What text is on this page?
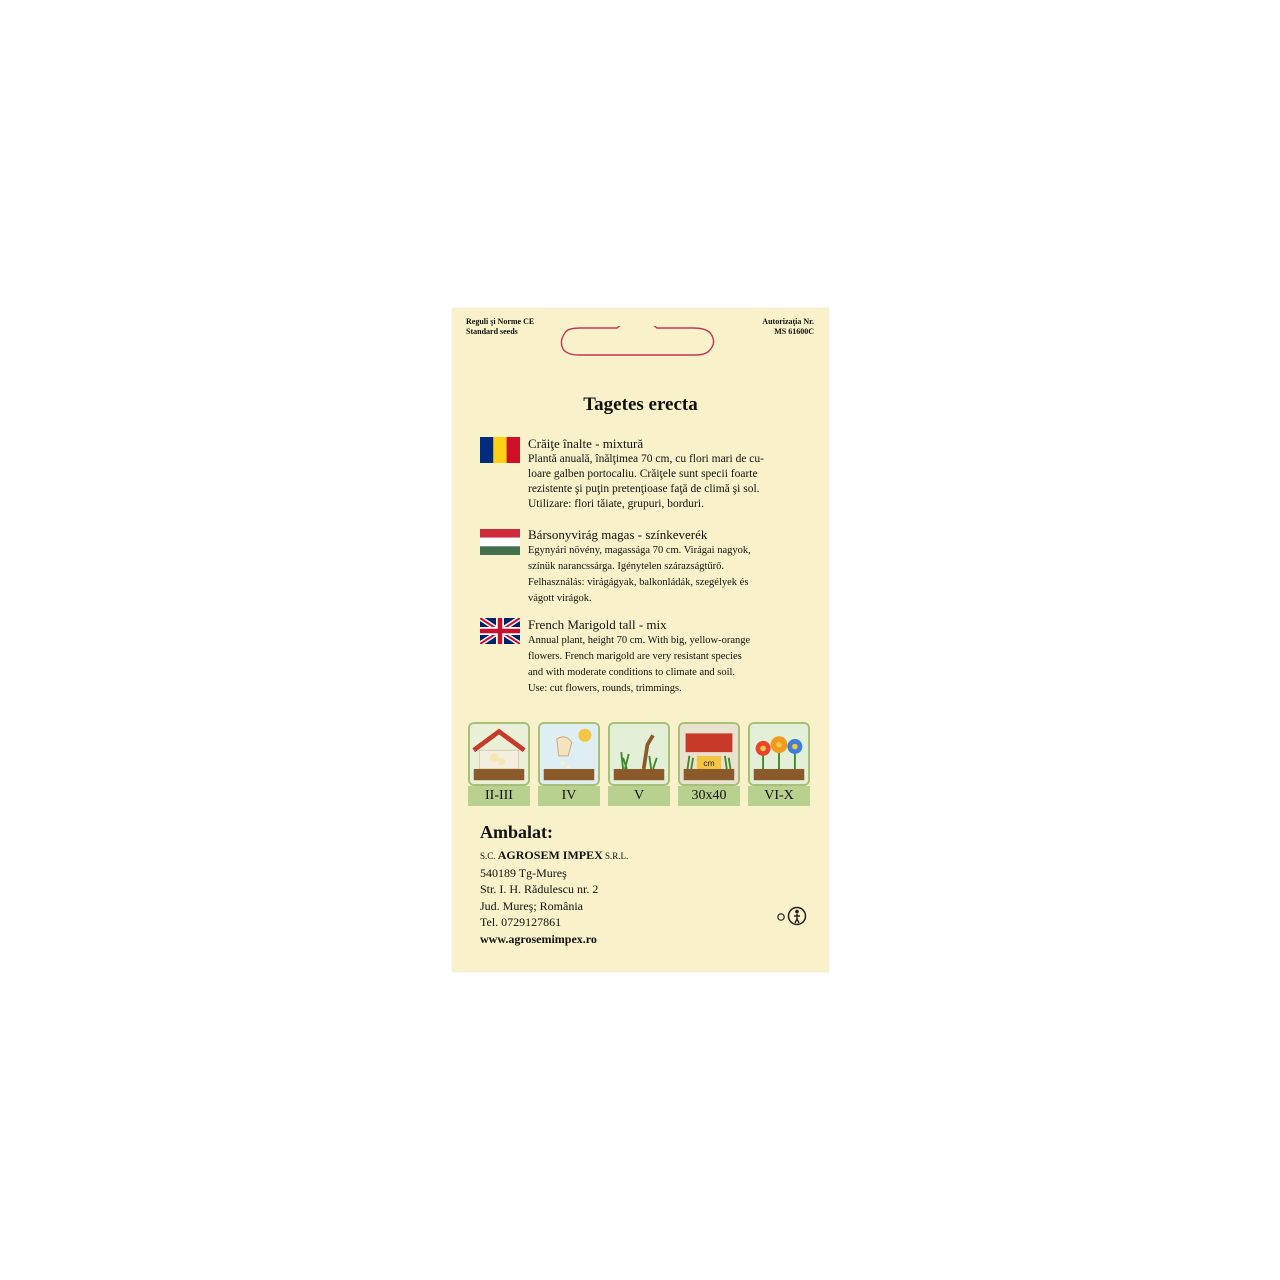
Reguli şi Norme CE
Standard seeds
Autorizaţia Nr.
MS 61600C
Tagetes erecta
Crăiţe înalte - mixtură
Plantă anuală, înălţimea 70 cm, cu flori mari de cu-
loare galben portocaliu. Crăiţele sunt specii foarte
rezistente şi puţin pretenţioase faţă de climă şi sol.
Utilizare: flori tăiate, grupuri, borduri.
Bársonyvirág magas - színkeverék
Egynyári növény, magassága 70 cm. Virágai nagyok,
színük narancssárga. Igénytelen szárazságtűrő.
Felhasználás: virágágyak, balkonládák, szegélyek és
vágott virágok.
French Marigold tall - mix
Annual plant, height 70 cm. With big, yellow-orange
flowers. French marigold are very resistant species
and with moderate conditions to climate and soil.
Use: cut flowers, rounds, trimmings.
II-III	IV	V
cm
30x40	VI-X
Ambalat:
S.C. AGROSEM IMPEX S.R.L.
540189 Tg-Mureş
Str. I. H. Rădulescu nr. 2
Jud. Mureş; România
Tel. 0729127861
www.agrosemimpex.ro
